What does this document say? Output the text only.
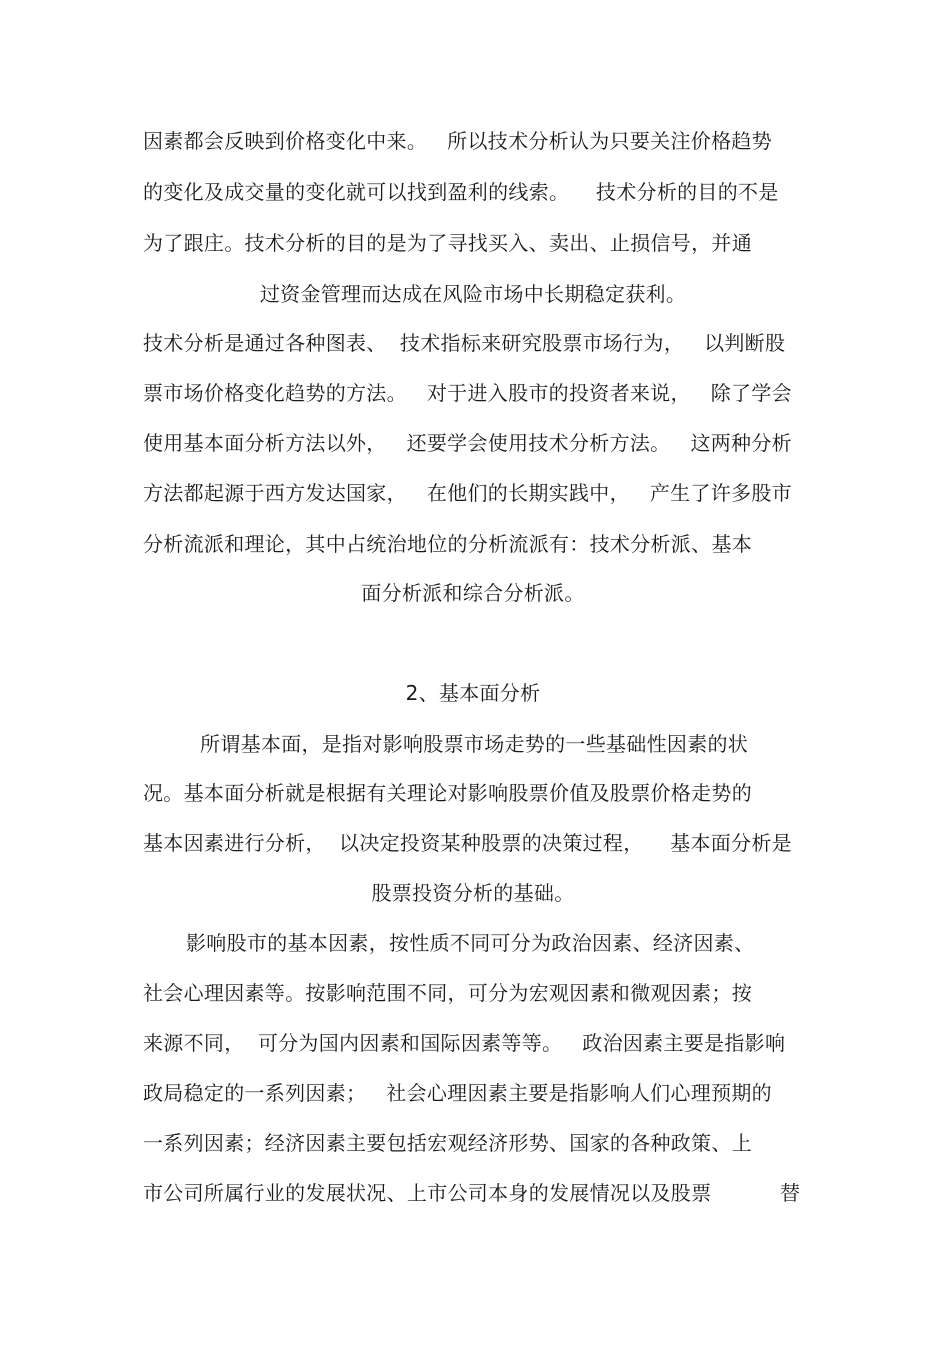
因素都会反映到价格变化中来。   所以技术分析认为只要关注价格趋势
的变化及成交量的变化就可以找到盈利的线索。    技术分析的目的不是
为了跟庄。技术分析的目的是为了寻找买入、卖出、止损信号，并通
过资金管理而达成在风险市场中长期稳定获利。
技术分析是通过各种图表、  技术指标来研究股票市场行为，   以判断股
票市场价格变化趋势的方法。   对于进入股市的投资者来说，   除了学会
使用基本面分析方法以外，   还要学会使用技术分析方法。   这两种分析
方法都起源于西方发达国家，   在他们的长期实践中，   产生了许多股市
分析流派和理论，其中占统治地位的分析流派有：技术分析派、基本
面分析派和综合分析派。
2、基本面分析
所谓基本面，是指对影响股票市场走势的一些基础性因素的状
况。基本面分析就是根据有关理论对影响股票价值及股票价格走势的
基本因素进行分析，  以决定投资某种股票的决策过程，    基本面分析是
股票投资分析的基础。
影响股市的基本因素，按性质不同可分为政治因素、经济因素、
社会心理因素等。按影响范围不同，可分为宏观因素和微观因素；按
来源不同，  可分为国内因素和国际因素等等。   政治因素主要是指影响
政局稳定的一系列因素；   社会心理因素主要是指影响人们心理预期的
一系列因素；经济因素主要包括宏观经济形势、国家的各种政策、上
市公司所属行业的发展状况、上市公司本身的发展情况以及股票	替
